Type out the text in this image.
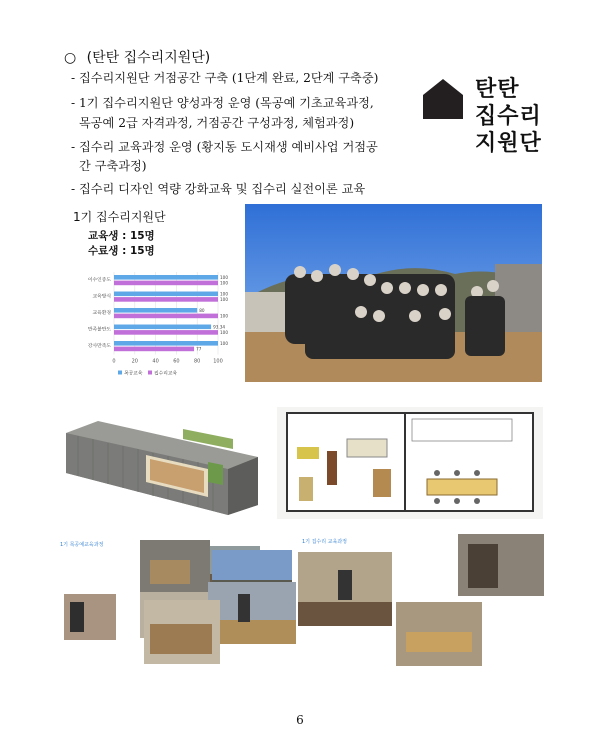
○ (탄탄 집수리지원단)
- 집수리지원단 거점공간 구축 (1단계 완료, 2단계 구축중)
- 1기 집수리지원단 양성과정 운영 (목공예 기초교육과정,
목공예 2급 자격과정, 거점공간 구성과정, 체험과정)
- 집수리 교육과정 운영 (황지동 도시재생 예비사업 거점공
간 구축과정)
- 집수리 디자인 역량 강화교육 및 집수리 실전이론 교육
탄탄
집수리
지원단
1기 집수리지원단
교육생 : 15명
수료생 : 15명
0	20	40	60	80	100
이수인증도
100
100
교육방식
100
100
교육환경
80
100
만족불만도
93.34
100
강사만족도
100
77
목공교육 집수리교육
1기 목공예교육과정	1기 집수리 교육과정
6
